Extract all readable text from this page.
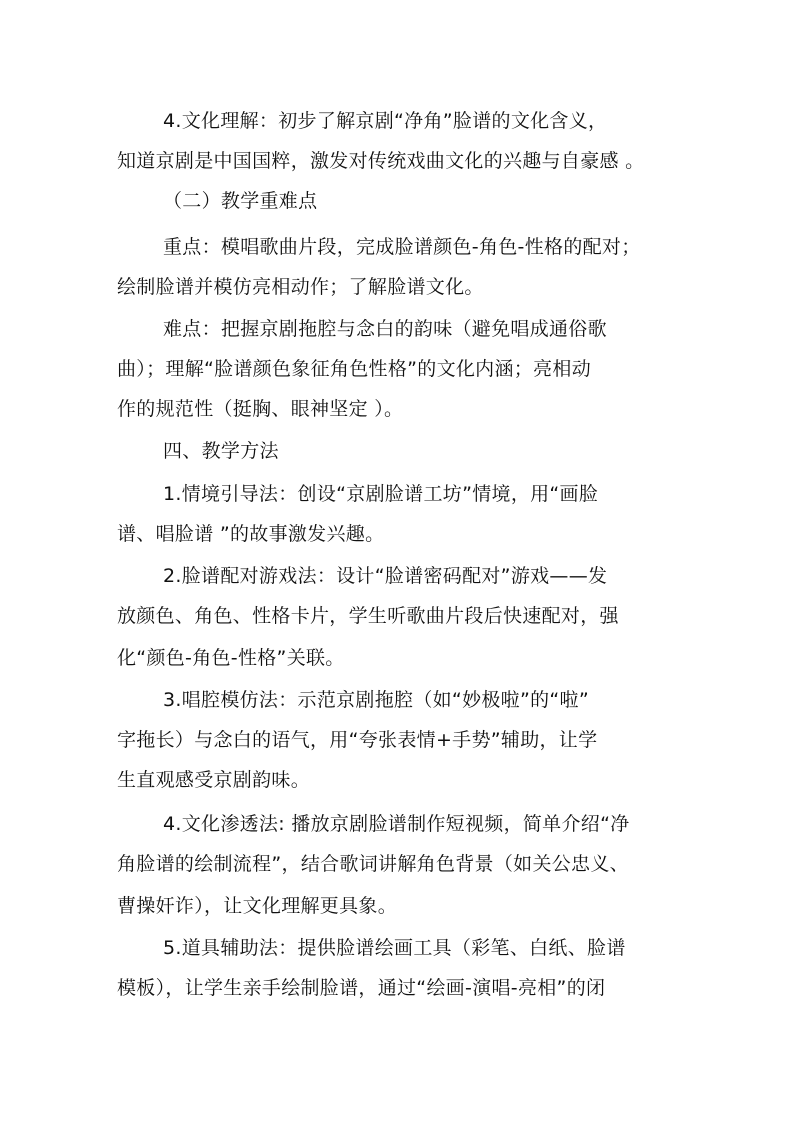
4.文化理解：初步了解京剧“净角”脸谱的文化含义，
知道京剧是中国国粹，激发对传统戏曲文化的兴趣与自豪感 。
（二）教学重难点
重点：模唱歌曲片段，完成脸谱颜色-角色-性格的配对；
绘制脸谱并模仿亮相动作；了解脸谱文化。
难点：把握京剧拖腔与念白的韵味（避免唱成通俗歌
曲）；理解“脸谱颜色象征角色性格”的文化内涵；亮相动
作的规范性（挺胸、眼神坚定 ）。
四、教学方法
1.情境引导法：创设“京剧脸谱工坊”情境，用“画脸
谱、唱脸谱 ”的故事激发兴趣。
2.脸谱配对游戏法：设计“脸谱密码配对”游戏——发
放颜色、角色、性格卡片，学生听歌曲片段后快速配对，强
化“颜色-角色-性格”关联。
3.唱腔模仿法：示范京剧拖腔（如“妙极啦”的“啦”
字拖长）与念白的语气，用“夸张表情+手势”辅助，让学
生直观感受京剧韵味。
4.文化渗透法: 播放京剧脸谱制作短视频，简单介绍“净
角脸谱的绘制流程”，结合歌词讲解角色背景（如关公忠义、
曹操奸诈），让文化理解更具象。
5.道具辅助法：提供脸谱绘画工具（彩笔、白纸、脸谱
模板），让学生亲手绘制脸谱，通过“绘画-演唱-亮相”的闭
